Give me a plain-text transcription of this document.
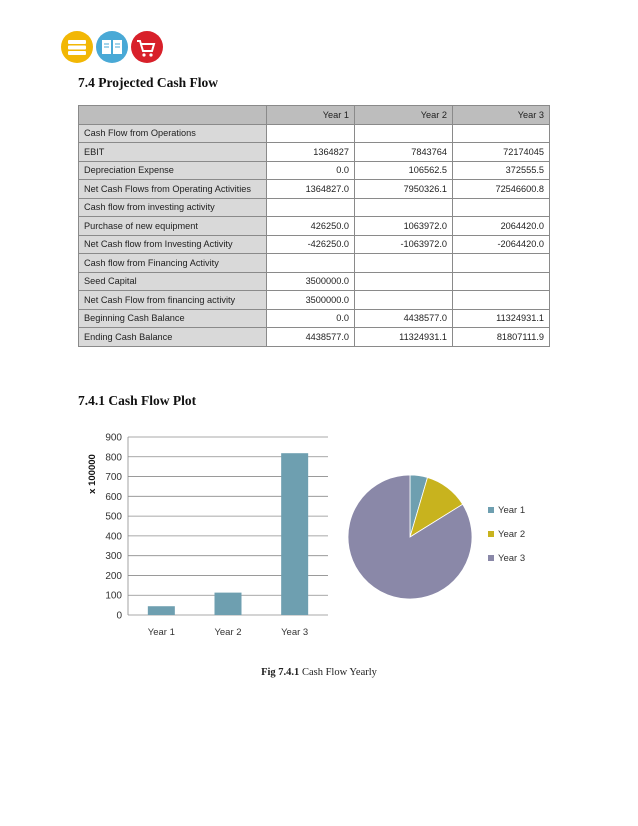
7.4 Projected Cash Flow
	Year 1	Year 2	Year 3
Cash Flow from Operations			
EBIT	1364827	7843764	72174045
Depreciation Expense	0.0	106562.5	372555.5
Net Cash Flows from Operating Activities	1364827.0	7950326.1	72546600.8
Cash flow from investing activity			
Purchase of new equipment	426250.0	1063972.0	2064420.0
Net Cash flow from Investing Activity	-426250.0	-1063972.0	-2064420.0
Cash flow from Financing Activity			
Seed Capital	3500000.0		
Net Cash Flow from financing activity	3500000.0		
Beginning Cash Balance	0.0	4438577.0	11324931.1
Ending Cash Balance	4438577.0	11324931.1	81807111.9
7.4.1 Cash Flow Plot
0
100
200
300
400
500
600
700
800
900
Year 1	Year 2	Year 3
x 100000
Year 1
Year 2
Year 3
Fig 7.4.1 Cash Flow Yearly
